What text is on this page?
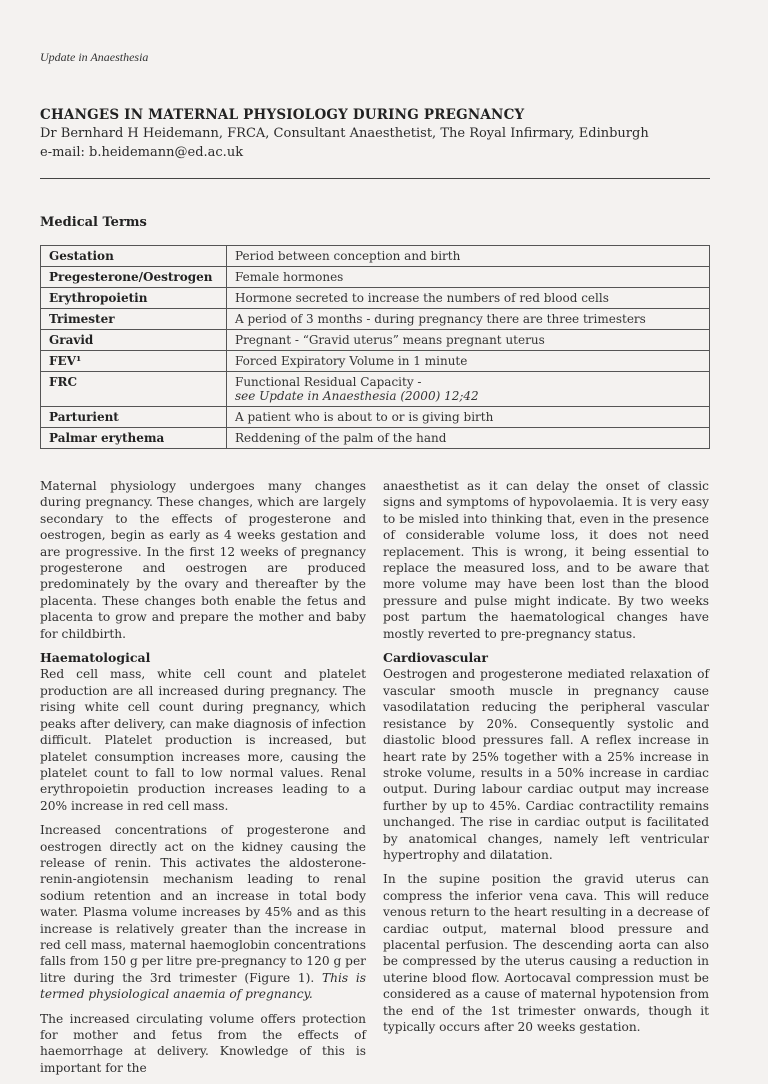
Update in Anaesthesia
CHANGES IN MATERNAL PHYSIOLOGY DURING PREGNANCY
Dr Bernhard H Heidemann, FRCA, Consultant Anaesthetist, The Royal Infirmary, Edinburgh
e-mail: b.heidemann@ed.ac.uk
Medical Terms
Gestation	Period between conception and birth
Pregesterone/Oestrogen	Female hormones
Erythropoietin	Hormone secreted to increase the numbers of red blood cells
Trimester	A period of 3 months - during pregnancy there are three trimesters
Gravid	Pregnant - “Gravid uterus” means pregnant uterus
FEV¹	Forced Expiratory Volume in 1 minute
FRC	Functional Residual Capacity -
see Update in Anaesthesia (2000) 12;42

Parturient	A patient who is about to or is giving birth
Palmar erythema	Reddening of the palm of the hand

Maternal physiology undergoes many changes during pregnancy. These changes, which are largely secondary to the effects of progesterone and oestrogen, begin as early as 4 weeks gestation and are progressive. In the first 12 weeks of pregnancy progesterone and oestrogen are produced predominately by the ovary and thereafter by the placenta. These changes both enable the fetus and placenta to grow and prepare the mother and baby for childbirth.

Haematological

Red cell mass, white cell count and platelet production are all increased during pregnancy. The rising white cell count during pregnancy, which peaks after delivery, can make diagnosis of infection difficult. Platelet production is increased, but platelet consumption increases more, causing the platelet count to fall to low normal values. Renal erythropoietin production increases leading to a 20% increase in red cell mass.

Increased concentrations of progesterone and oestrogen directly act on the kidney causing the release of renin. This activates the aldosterone-renin-angiotensin mechanism leading to renal sodium retention and an increase in total body water. Plasma volume increases by 45% and as this increase is relatively greater than the increase in red cell mass, maternal haemoglobin concentrations falls from 150 g per litre pre-pregnancy to 120 g per litre during the 3rd trimester (Figure 1). This is termed physiological anaemia of pregnancy.

The increased circulating volume offers protection for mother and fetus from the effects of haemorrhage at delivery. Knowledge of this is important for the

anaesthetist as it can delay the onset of classic signs and symptoms of hypovolaemia. It is very easy to be misled into thinking that, even in the presence of considerable volume loss, it does not need replacement. This is wrong, it being essential to replace the measured loss, and to be aware that more volume may have been lost than the blood pressure and pulse might indicate. By two weeks post partum the haematological changes have mostly reverted to pre-pregnancy status.

Cardiovascular

Oestrogen and progesterone mediated relaxation of vascular smooth muscle in pregnancy cause vasodilatation reducing the peripheral vascular resistance by 20%. Consequently systolic and diastolic blood pressures fall. A reflex increase in heart rate by 25% together with a 25% increase in stroke volume, results in a 50% increase in cardiac output. During labour cardiac output may increase further by up to 45%. Cardiac contractility remains unchanged. The rise in cardiac output is facilitated by anatomical changes, namely left ventricular hypertrophy and dilatation.

In the supine position the gravid uterus can compress the inferior vena cava. This will reduce venous return to the heart resulting in a decrease of cardiac output, maternal blood pressure and placental perfusion. The descending aorta can also be compressed by the uterus causing a reduction in uterine blood flow. Aortocaval compression must be considered as a cause of maternal hypotension from the end of the 1st trimester onwards, though it typically occurs after 20 weeks gestation.
